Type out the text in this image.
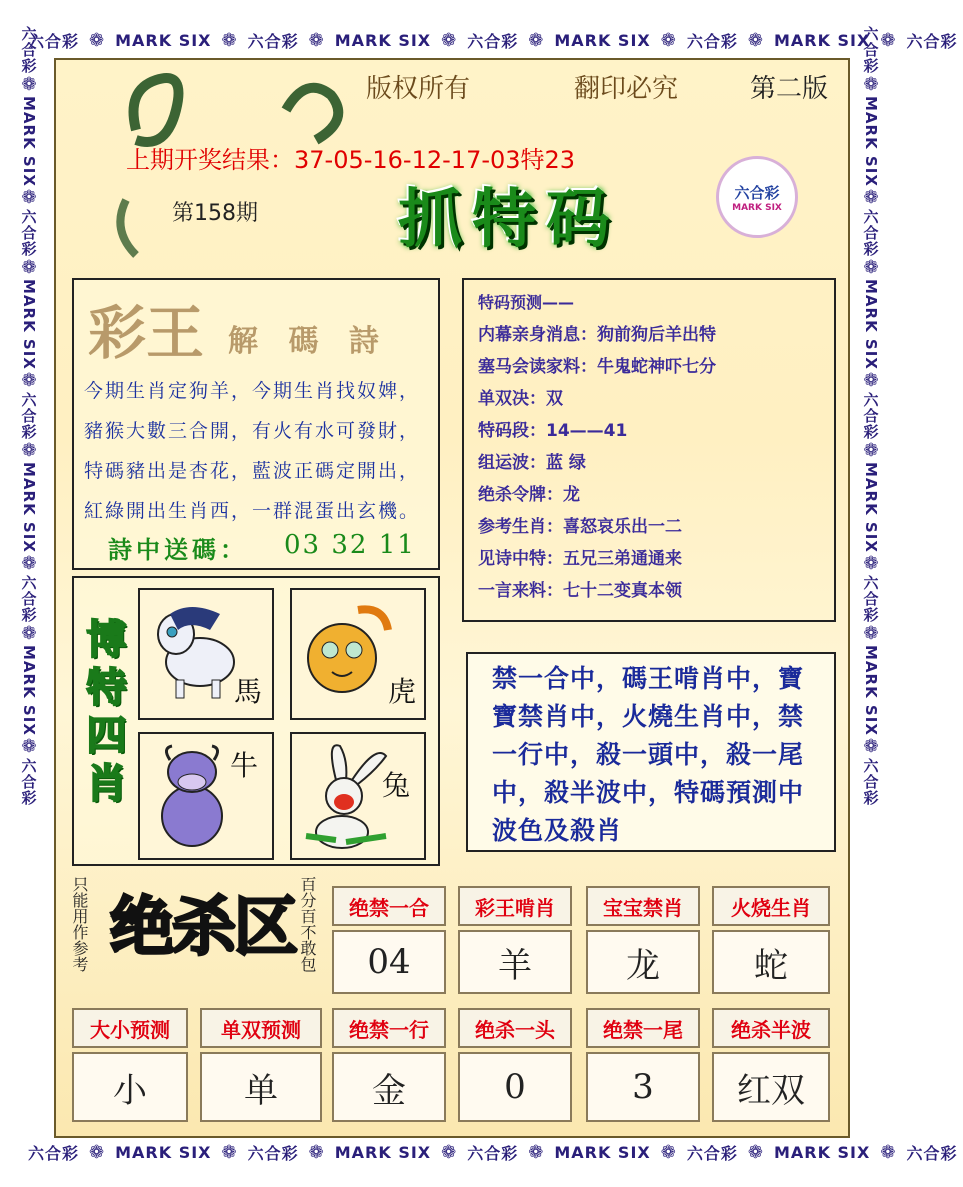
六合彩 ❁ MARK SIX ❁ 六合彩 ❁ MARK SIX ❁ 六合彩 ❁ MARK SIX ❁ 六合彩 ❁ MARK SIX ❁ 六合彩
六合彩 ❁ MARK SIX ❁ 六合彩 ❁ MARK SIX ❁ 六合彩 ❁ MARK SIX ❁ 六合彩 ❁ MARK SIX ❁ 六合彩
六合彩
❁
MARK SIX
❁
六合彩
❁
MARK SIX
❁
六合彩
❁
MARK SIX
❁
六合彩
❁
MARK SIX
❁
六合彩
六合彩
❁
MARK SIX
❁
六合彩
❁
MARK SIX
❁
六合彩
❁
MARK SIX
❁
六合彩
❁
MARK SIX
❁
六合彩
版权所有	翻印必究	第二版
上期开奖结果：37-05-16-12-17-03特23
第158期 抓特码	六合彩
MARK SIX
彩王 解 碼 詩
今期生肖定狗羊，今期生肖找奴婢，
豬猴大數三合開，有火有水可發財，
特碼豬出是杏花，藍波正碼定開出，
紅綠開出生肖西，一群混蛋出玄機。
詩中送碼： 03 32 11
特码预测——
内幕亲身消息：狗前狗后羊出特
塞马会读家料：牛鬼蛇神吓七分
单双决：双
特码段：14——41
组运波：蓝 绿
绝杀令牌：龙
参考生肖：喜怒哀乐出一二
见诗中特：五兄三弟通通来
一言来料：七十二变真本领
博特四肖	馬	虎
牛
兔
禁一合中，碼王啃肖中，寶寶禁肖中，火燒生肖中，禁一行中，殺一頭中，殺一尾中，殺半波中，特碼預測中波色及殺肖
只能用作参考 绝杀区 百分百不敢包	绝禁一合	彩王啃肖	宝宝禁肖	火烧生肖
04	羊	龙	蛇
大小预测	单双预测	绝禁一行	绝杀一头	绝禁一尾	绝杀半波
小	单	金	0	3	红双
